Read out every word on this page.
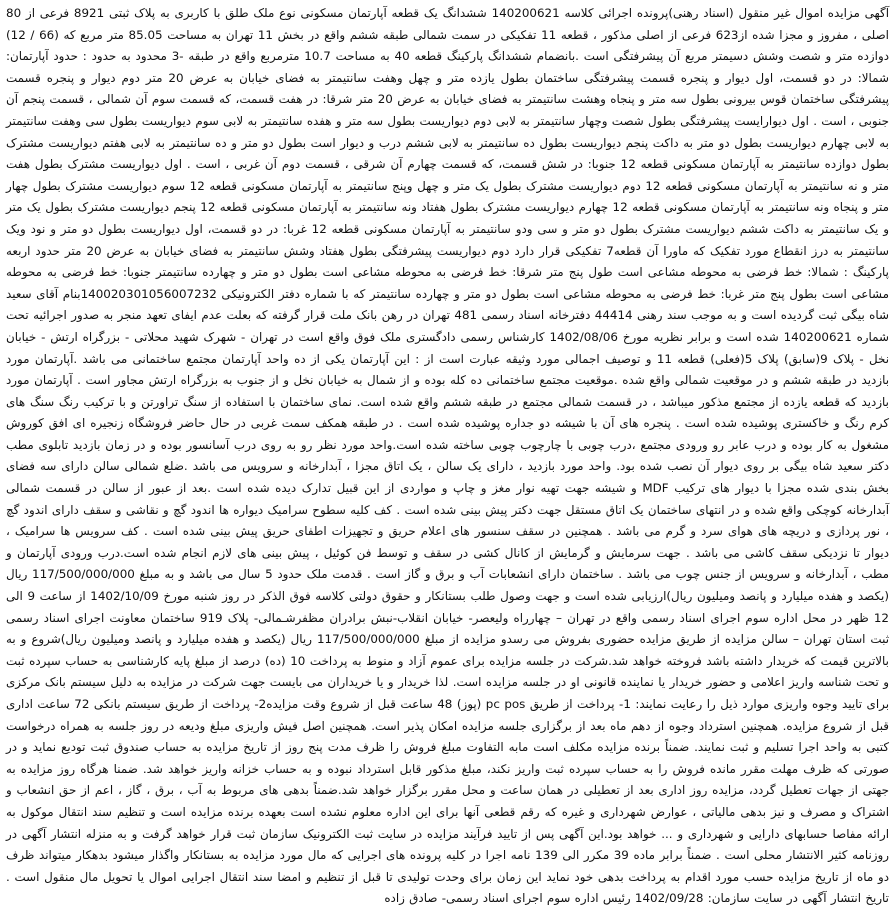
آگهی مزایده اموال غیر منقول (اسناد رهنی)پرونده اجرائی کلاسه 140200621 ششدانگ یک قطعه آپارتمان مسکونی نوع ملک طلق با کاربری به پلاک ثبتی 8921 فرعی از 80 اصلی ، مفروز و مجزا شده از623 فرعی از اصلی مذکور ، قطعه 11 تفکیکی در سمت شمالی طبقه ششم واقع در بخش 11 تهران به مساحت 85.05 متر مربع که (66 / 12) دوازده متر و شصت وشش دسیمتر مربع آن پیشرفتگی است .بانضمام ششدانگ پارکینگ قطعه 40 به مساحت 10.7 مترمربع واقع در طبقه -3 محدود به حدود : حدود آپارتمان: شمالا: در دو قسمت، اول دیوار و پنجره قسمت پیشرفتگی ساختمان بطول یازده متر و چهل وهفت سانتیمتر به فضای خیابان به عرض 20 متر دوم دیوار و پنجره قسمت پیشرفتگی ساختمان قوس بیرونی بطول سه متر و پنجاه وهشت سانتیمتر به فضای خیابان به عرض 20 متر شرقا: در هفت قسمت، که قسمت سوم آن شمالی ، قسمت پنجم آن جنوبی ، است . اول دیوارایست پیشرفتگی بطول شصت وچهار سانتیمتر به لابی دوم دیواریست بطول سه متر و هفده سانتیمتر به لابی سوم دیواریست بطول سی وهفت سانتیمتر به لابی چهارم دیواریست بطول دو متر به داکت پنجم دیواریست بطول ده سانتیمتر به لابی ششم درب و دیوار است بطول دو متر و ده سانتیمتر به لابی هفتم دیواریست مشترک بطول دوازده سانتیمتر به آپارتمان مسکونی قطعه 12 جنوبا: در شش قسمت، که قسمت چهارم آن شرقی ، قسمت دوم آن غربی ، است . اول دیواریست مشترک بطول هفت متر و نه سانتیمتر به آپارتمان مسکونی قطعه 12 دوم دیواریست مشترک بطول یک متر و چهل وپنج سانتیمتر به آپارتمان مسکونی قطعه 12 سوم دیواریست مشترک بطول چهار متر و پنجاه ونه سانتیمتر به آپارتمان مسکونی قطعه 12 چهارم دیواریست مشترک بطول هفتاد ونه سانتیمتر به آپارتمان مسکونی قطعه 12 پنجم دیواریست مشترک بطول یک متر و یک سانتیمتر به داکت ششم دیواریست مشترک بطول دو متر و سی ودو سانتیمتر به آپارتمان مسکونی قطعه 12 غربا: در دو قسمت، اول دیواریست بطول دو متر و نود ویک سانتیمتر به درز انقطاع مورد تفکیک که ماورا آن قطعه7 تفکیکی قرار دارد دوم دیواریست پیشرفتگی بطول هفتاد وشش سانتیمتر به فضای خیابان به عرض 20 متر حدود اربعه پارکینگ : شمالا: خط فرضی به محوطه مشاعی است طول پنج متر شرقا: خط فرضی به محوطه مشاعی است بطول دو متر و چهارده سانتیمتر جنوبا: خط فرضی به محوطه مشاعی است بطول پنج متر غربا: خط فرضی به محوطه مشاعی است بطول دو متر و چهارده سانتیمتر که با شماره دفتر الکترونیکی 140020301056007232بنام آقای سعید شاه بیگی ثبت گردیده است و به موجب سند رهنی 44414 دفترخانه اسناد رسمی 481 تهران در رهن بانک ملت قرار گرفته که بعلت عدم ایفای تعهد منجر به صدور اجرائیه تحت شماره 140200621 شده است و برابر نظریه مورخ 1402/08/06 کارشناس رسمی دادگستری ملک فوق واقع است در تهران - شهرک شهید محلاتی - بزرگراه ارتش - خیابان نخل - پلاک 9(سابق) پلاک 5(فعلی) قطعه 11 و توصیف اجمالی مورد وثیقه عبارت است از : این آپارتمان یکی از ده واحد آپارتمان مجتمع ساختمانی می باشد .آپارتمان مورد بازدید در طبقه ششم و در موقعیت شمالی واقع شده .موقعیت مجتمع ساختمانی ده کله بوده و از شمال به خیابان نخل و از جنوب به بزرگراه ارتش مجاور است . آپارتمان مورد بازدید که قطعه یازده از مجتمع مذکور میباشد ، در قسمت شمالی مجتمع در طبقه ششم واقع شده است. نمای ساختمان با استفاده از سنگ تراورتن و با ترکیب رنگ سنگ های کرم رنگ و خاکستری پوشیده شده است . پنجره های آن با شیشه دو جداره پوشیده شده است . در طبقه همکف سمت غربی در حال حاضر فروشگاه زنجیره ای افق کوروش مشغول به کار بوده و درب عابر رو ورودی مجتمع ،درب چوبی با چارچوب چوبی ساخته شده است.واحد مورد نظر رو به روی درب آسانسور بوده و در زمان بازدید تابلوی مطب دکتر سعید شاه بیگی بر روی دیوار آن نصب شده بود. واحد مورد بازدید ، دارای یک سالن ، یک اتاق مجزا ، آبدارخانه و سرویس می باشد .ضلع شمالی سالن دارای سه فضای بخش بندی شده مجزا با دیوار های ترکیب MDF و شیشه جهت تهیه نوار مغز و چاپ و مواردی از این قبیل تدارک دیده شده است .بعد از عبور از سالن در قسمت شمالی آبدارخانه کوچکی واقع شده و در انتهای ساختمان یک اتاق مستقل جهت دکتر پیش بینی شده است . کف کلیه سطوح سرامیک دیواره ها اندود گچ و نقاشی و سقف دارای اندود گچ ، نور پردازی و دریچه های هوای سرد و گرم می باشد . همچنین در سقف سنسور های اعلام حریق و تجهیزات اطفای حریق پیش بینی شده است . کف سرویس ها سرامیک ، دیوار تا نزدیکی سقف کاشی می باشد . جهت سرمایش و گرمایش از کانال کشی در سقف و توسط فن کوئیل ، پیش بینی های لازم انجام شده است.درب ورودی آپارتمان و مطب ، آبدارخانه و سرویس از جنس چوب می باشد . ساختمان دارای انشعابات آب و برق و گاز است . قدمت ملک حدود 5 سال می باشد و به مبلغ 117/500/000/000 ریال (یکصد و هفده میلیارد و پانصد ومیلیون ریال)ارزیابی شده است و جهت وصول طلب بستانکار و حقوق دولتی کلاسه فوق الذکر در روز شنبه مورخ 1402/10/09 از ساعت 9 الی 12 ظهر در محل اداره سوم اجرای اسناد رسمی واقع در تهران – چهارراه ولیعصر- خیابان انقلاب-نبش برادران مظفرشـمالی- پلاک 919 ساختمان معاونت اجرای اسناد رسمی ثبت استان تهران – سالن مزایده از طریق مزایده حضوری بفروش می رسدو مزایده از مبلغ 117/500/000/000 ریال (یکصد و هفده میلیارد و پانصد ومیلیون ریال)شروع و به بالاترین قیمت که خریدار داشته باشد فروخته خواهد شد.شرکت در جلسه مزایده برای عموم آزاد و منوط به پرداخت 10 (ده) درصد از مبلغ پایه کارشناسی به حساب سپرده ثبت و تحت شناسه واریز اعلامی و حضور خریدار یا نماینده قانونی او در جلسه مزایده است. لذا خریدار و یا خریداران می بایست جهت شرکت در مزایده به دلیل سیستم بانک مرکزی برای تایید وجوه واریزی موارد ذیل را رعایت نمایند: 1- پرداخت از طریق pc pos (پوز) 48 ساعت قبل از شروع وقت مزایده2- پرداخت از طریق سیستم بانکی 72 ساعت اداری قبل از شروع مزایده. همچنین استرداد وجوه از دهم ماه بعد از برگزاری جلسه مزایده امکان پذیر است. همچنین اصل فیش واریزی مبلغ ودیعه در روز جلسه به همراه درخواست کتبی به واحد اجرا تسلیم و ثبت نمایند. ضمناً برنده مزایده مکلف است مابه التفاوت مبلغ فروش را ظرف مدت پنج روز از تاریخ مزایده به حساب صندوق ثبت تودیع نماید و در صورتی که ظرف مهلت مقرر مانده فروش را به حساب سپرده ثبت واریز نکند، مبلغ مذکور قابل استرداد نبوده و به حساب خزانه واریز خواهد شد. ضمنا هرگاه روز مزایده به جهتی از جهات تعطیل گردد، مزایده روز اداری بعد از تعطیلی در همان ساعت و محل مقرر برگزار خواهد شد.ضمناً بدهی های مربوط به آب ، برق ، گاز ، اعم از حق انشعاب و اشتراک و مصرف و نیز بدهی مالیاتی ، عوارض شهرداری و غیره که رقم قطعی آنها برای این اداره معلوم نشده است بعهده برنده مزایده است و تنظیم سند انتقال موکول به ارائه مفاصا حسابهای دارایی و شهرداری و ... خواهد بود.این آگهی پس از تایید فرآیند مزایده در سایت ثبت الکترونیک سازمان ثبت قرار خواهد گرفت و به منزله انتشار آگهی در روزنامه کثیر الانتشار محلی است . ضمناً برابر ماده 39 مکرر الی 139 نامه اجرا در کلیه پرونده های اجرایی که مال مورد مزایده به بستانکار واگذار میشود بدهکار میتواند ظرف دو ماه از تاریخ مزایده حسب مورد اقدام به پرداخت بدهی خود نماید این زمان برای وحدت تولیدی تا قبل از تنظیم و امضا سند انتقال اجرایی اموال یا تحویل مال منقول است . تاریخ انتشار آگهی در سایت سازمان: 1402/09/28 رئیس اداره سوم اجرای اسناد رسمی- صادق زاده
